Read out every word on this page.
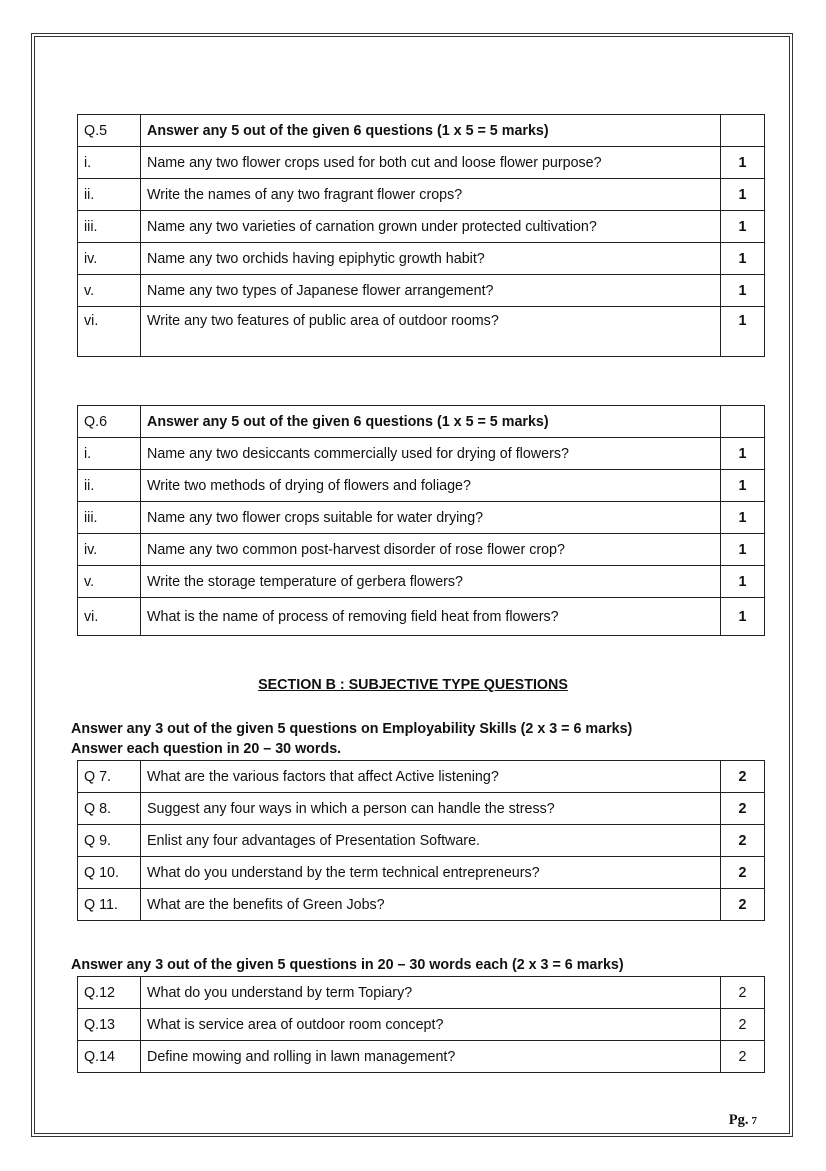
Q.5	Answer any 5 out of the given 6 questions (1 x 5 = 5 marks)	
i.	Name any two flower crops used for both cut and loose flower purpose?	1
ii.	Write the names of any two fragrant flower crops?	1
iii.	Name any two varieties of carnation grown under protected cultivation?	1
iv.	Name any two orchids having epiphytic growth habit?	1
v.	Name any two types of Japanese flower arrangement?	1
vi.	Write any two features of public area of outdoor rooms?	1
Q.6	Answer any 5 out of the given 6 questions (1 x 5 = 5 marks)	
i.	Name any two desiccants commercially used for drying of flowers?	1
ii.	Write two methods of drying of flowers and foliage?	1
iii.	Name any two flower crops suitable for water drying?	1
iv.	Name any two common post-harvest disorder of rose flower crop?	1
v.	Write the storage temperature of gerbera flowers?	1
vi.	What is the name of process of removing field heat from flowers?	1
SECTION B : SUBJECTIVE TYPE QUESTIONS
Answer any 3 out of the given 5 questions on Employability Skills (2 x 3 = 6 marks)
Answer each question in 20 – 30 words.
Q 7.	What are the various factors that affect Active listening?	2
Q 8.	Suggest any four ways in which a person can handle the stress?	2
Q 9.	Enlist any four advantages of Presentation Software.	2
Q 10.	What do you understand by the term technical entrepreneurs?	2
Q 11.	What are the benefits of Green Jobs?	2
Answer any 3 out of the given 5 questions in 20 – 30 words each (2 x 3 = 6 marks)
Q.12	What do you understand by term Topiary?	2
Q.13	What is service area of outdoor room concept?	2
Q.14	Define mowing and rolling in lawn management?	2
Pg. 7
